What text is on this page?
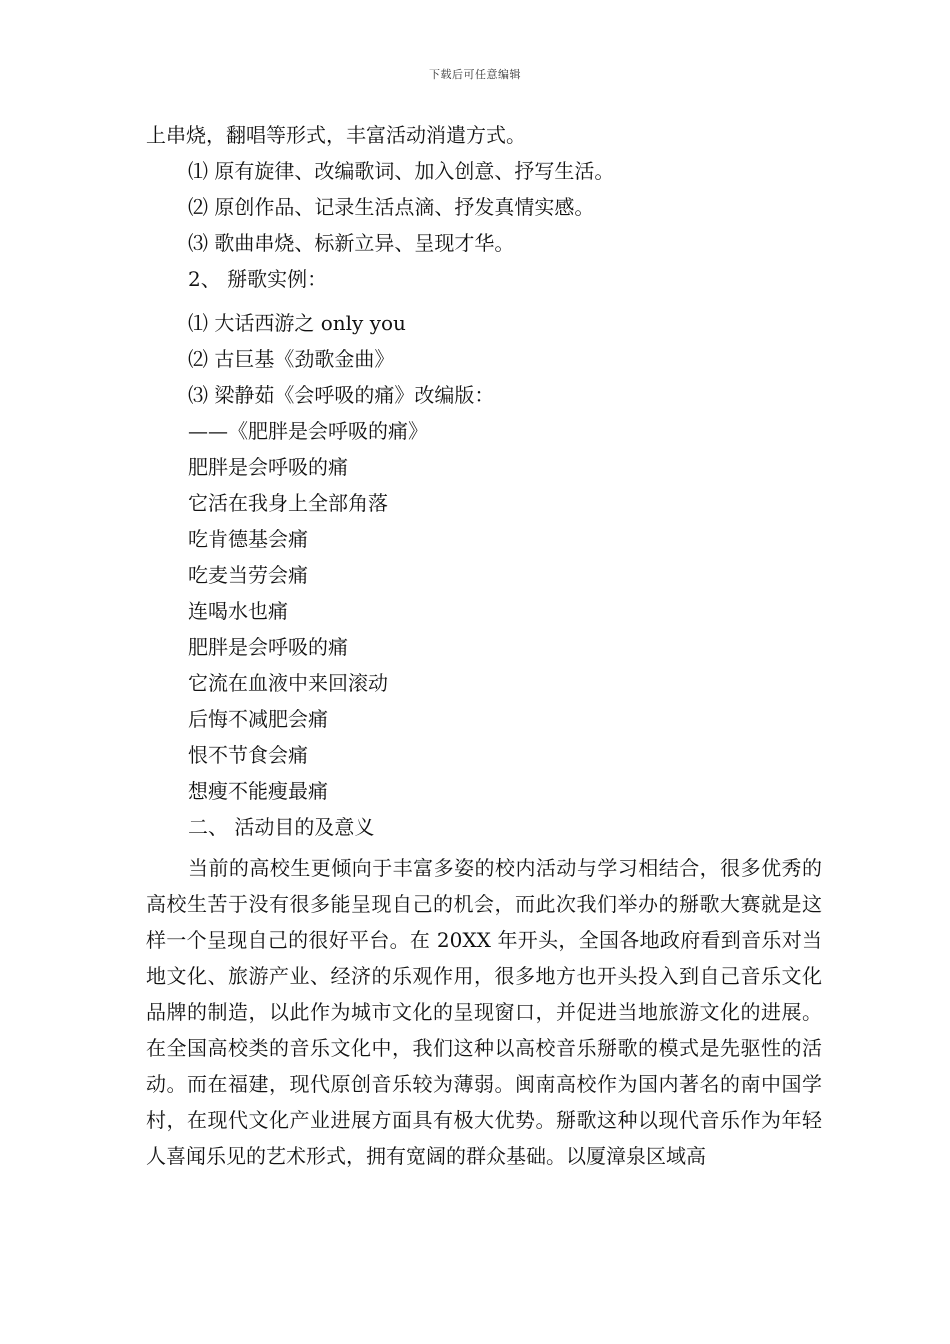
下载后可任意编辑
上串烧，翻唱等形式，丰富活动消遣方式。
⑴ 原有旋律、改编歌词、加入创意、抒写生活。
⑵ 原创作品、记录生活点滴、抒发真情实感。
⑶ 歌曲串烧、标新立异、呈现才华。
2、 掰歌实例：
⑴ 大话西游之 only you
⑵ 古巨基《劲歌金曲》
⑶ 梁静茹《会呼吸的痛》改编版：
——《肥胖是会呼吸的痛》
肥胖是会呼吸的痛
它活在我身上全部角落
吃肯德基会痛
吃麦当劳会痛
连喝水也痛
肥胖是会呼吸的痛
它流在血液中来回滚动
后悔不减肥会痛
恨不节食会痛
想瘦不能瘦最痛
二、 活动目的及意义
当前的高校生更倾向于丰富多姿的校内活动与学习相结合，很多优秀的高校生苦于没有很多能呈现自己的机会，而此次我们举办的掰歌大赛就是这样一个呈现自己的很好平台。在 20XX 年开头，全国各地政府看到音乐对当地文化、旅游产业、经济的乐观作用，很多地方也开头投入到自己音乐文化品牌的制造，以此作为城市文化的呈现窗口，并促进当地旅游文化的进展。在全国高校类的音乐文化中，我们这种以高校音乐掰歌的模式是先驱性的活动。而在福建，现代原创音乐较为薄弱。闽南高校作为国内著名的南中国学村，在现代文化产业进展方面具有极大优势。掰歌这种以现代音乐作为年轻人喜闻乐见的艺术形式，拥有宽阔的群众基础。以厦漳泉区域高
